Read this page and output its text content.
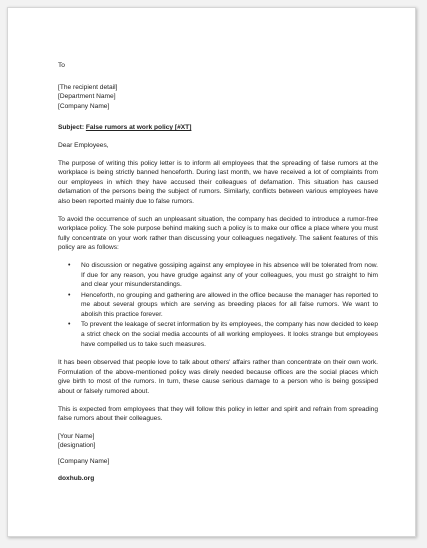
To

[The recipient detail]

[Department Name]

[Company Name]

Subject: False rumors at work policy [#XT]

Dear Employees,

The purpose of writing this policy letter is to inform all employees that the spreading of false rumors at the workplace is being strictly banned henceforth. During last month, we have received a lot of complaints from our employees in which they have accused their colleagues of defamation. This situation has caused defamation of the persons being the subject of rumors. Similarly, conflicts between various employees have also been reported mainly due to false rumors.

To avoid the occurrence of such an unpleasant situation, the company has decided to introduce a rumor-free workplace policy. The sole purpose behind making such a policy is to make our office a place where you must fully concentrate on your work rather than discussing your colleagues negatively. The salient features of this policy are as follows:

• No discussion or negative gossiping against any employee in his absence will be tolerated from now. If due for any reason, you have grudge against any of your colleagues, you must go straight to him and clear your misunderstandings.
• Henceforth, no grouping and gathering are allowed in the office because the manager has reported to me about several groups which are serving as breeding places for all false rumors. We want to abolish this practice forever.
• To prevent the leakage of secret information by its employees, the company has now decided to keep a strict check on the social media accounts of all working employees. It looks strange but employees have compelled us to take such measures.

It has been observed that people love to talk about others' affairs rather than concentrate on their own work. Formulation of the above-mentioned policy was direly needed because offices are the social places which give birth to most of the rumors. In turn, these cause serious damage to a person who is being gossiped about or falsely rumored about.

This is expected from employees that they will follow this policy in letter and spirit and refrain from spreading false rumors about their colleagues.

[Your Name]

[designation]

[Company Name]

doxhub.org
